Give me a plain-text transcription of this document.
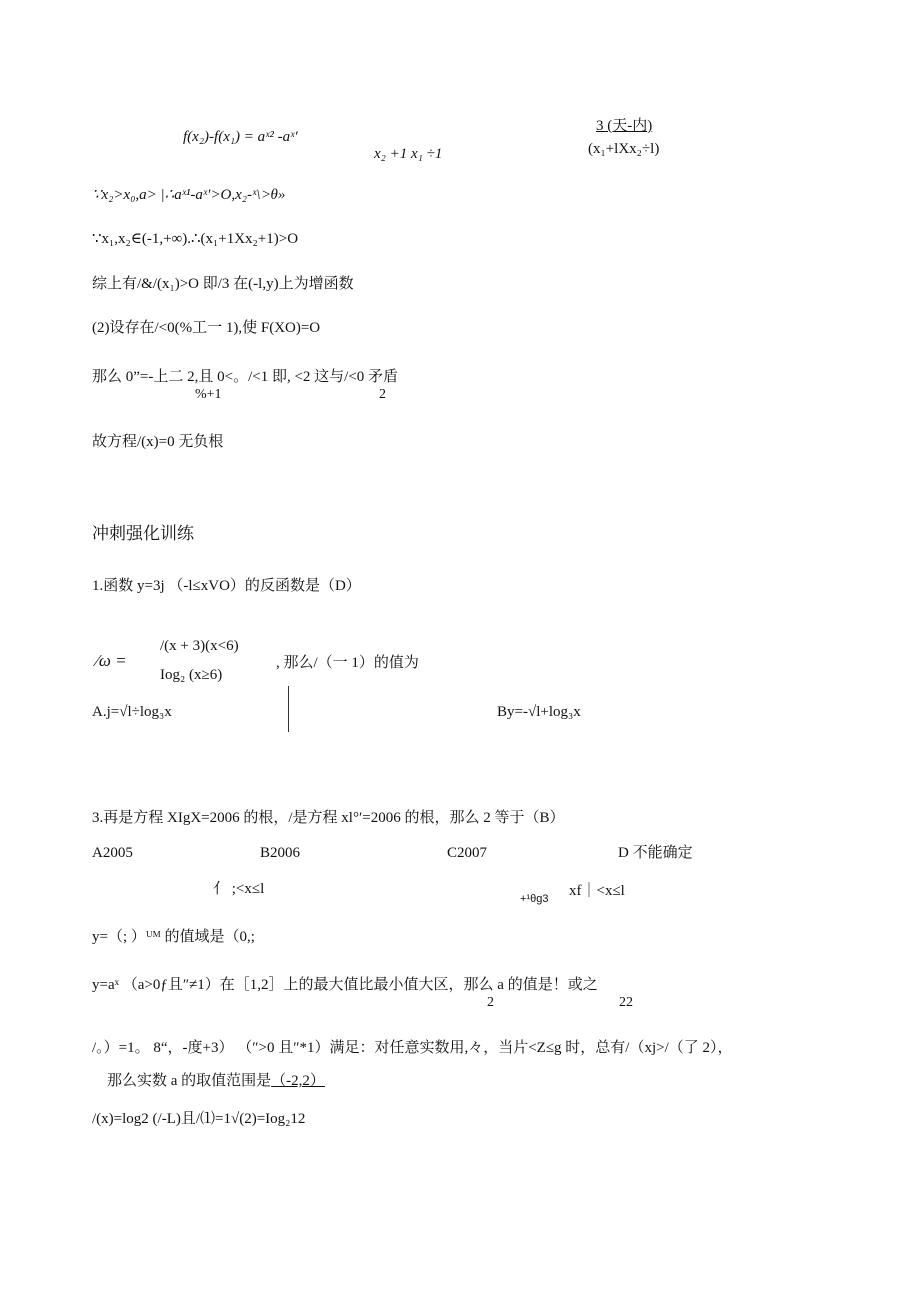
f(x₂)-f(x₁) = aˣ² -aˣ′
x₂ +1 x₁ ÷1
3 (天-内)
(x₁+lXx₂÷l)
∵x₂>x₀,a> |∴aˣ¹-aˣ′>O,x₂-ˣ\˃θ»
∵x₁,x₂∈(-1,+∞).∴(x₁+1Xx₂+1)>O
综上有/&/(x₁)>O 即/3 在(-l,y)上为增函数
(2)设存在/<0(%工一 1),使 F(XO)=O
那么 0”=-上二 2,且 0<。/<1 即, <2 这与/<0 矛盾
%+1	2
故方程/(x)=0 无负根
冲刺强化训练
1.函数 y=3j （-l≤xVO）的反函数是（D）
⁄ω =
/(x + 3)(x<6)
Iog₂ (x≥6)
, 那么/（一 1）的值为
A.j=√l÷log₃x	By=-√l+log₃x
3.再是方程 XIgX=2006 的根，/是方程 xl°′=2006 的根，那么 2 等于（B）
A2005	B2006	C2007	D 不能确定
亻 ;<x≤l
+¹θg3 xf｜<x≤l
y=（; ）ᵁᴹ 的值域是（0,;
y=aˣ （a>0ƒ且″≠1）在［1,2］上的最大值比最小值大区，那么 a 的值是！或之
2	22
/。）=1。 8“，-度+3） （″>0 且″*1）满足：对任意实数用,々，当片<Z≤g 时，总有/（xj>/（了 2），
那么实数 a 的取值范围是（-2,2）
/(x)=log2 (/-L)且/⑴=1√(2)=Iog₂12
